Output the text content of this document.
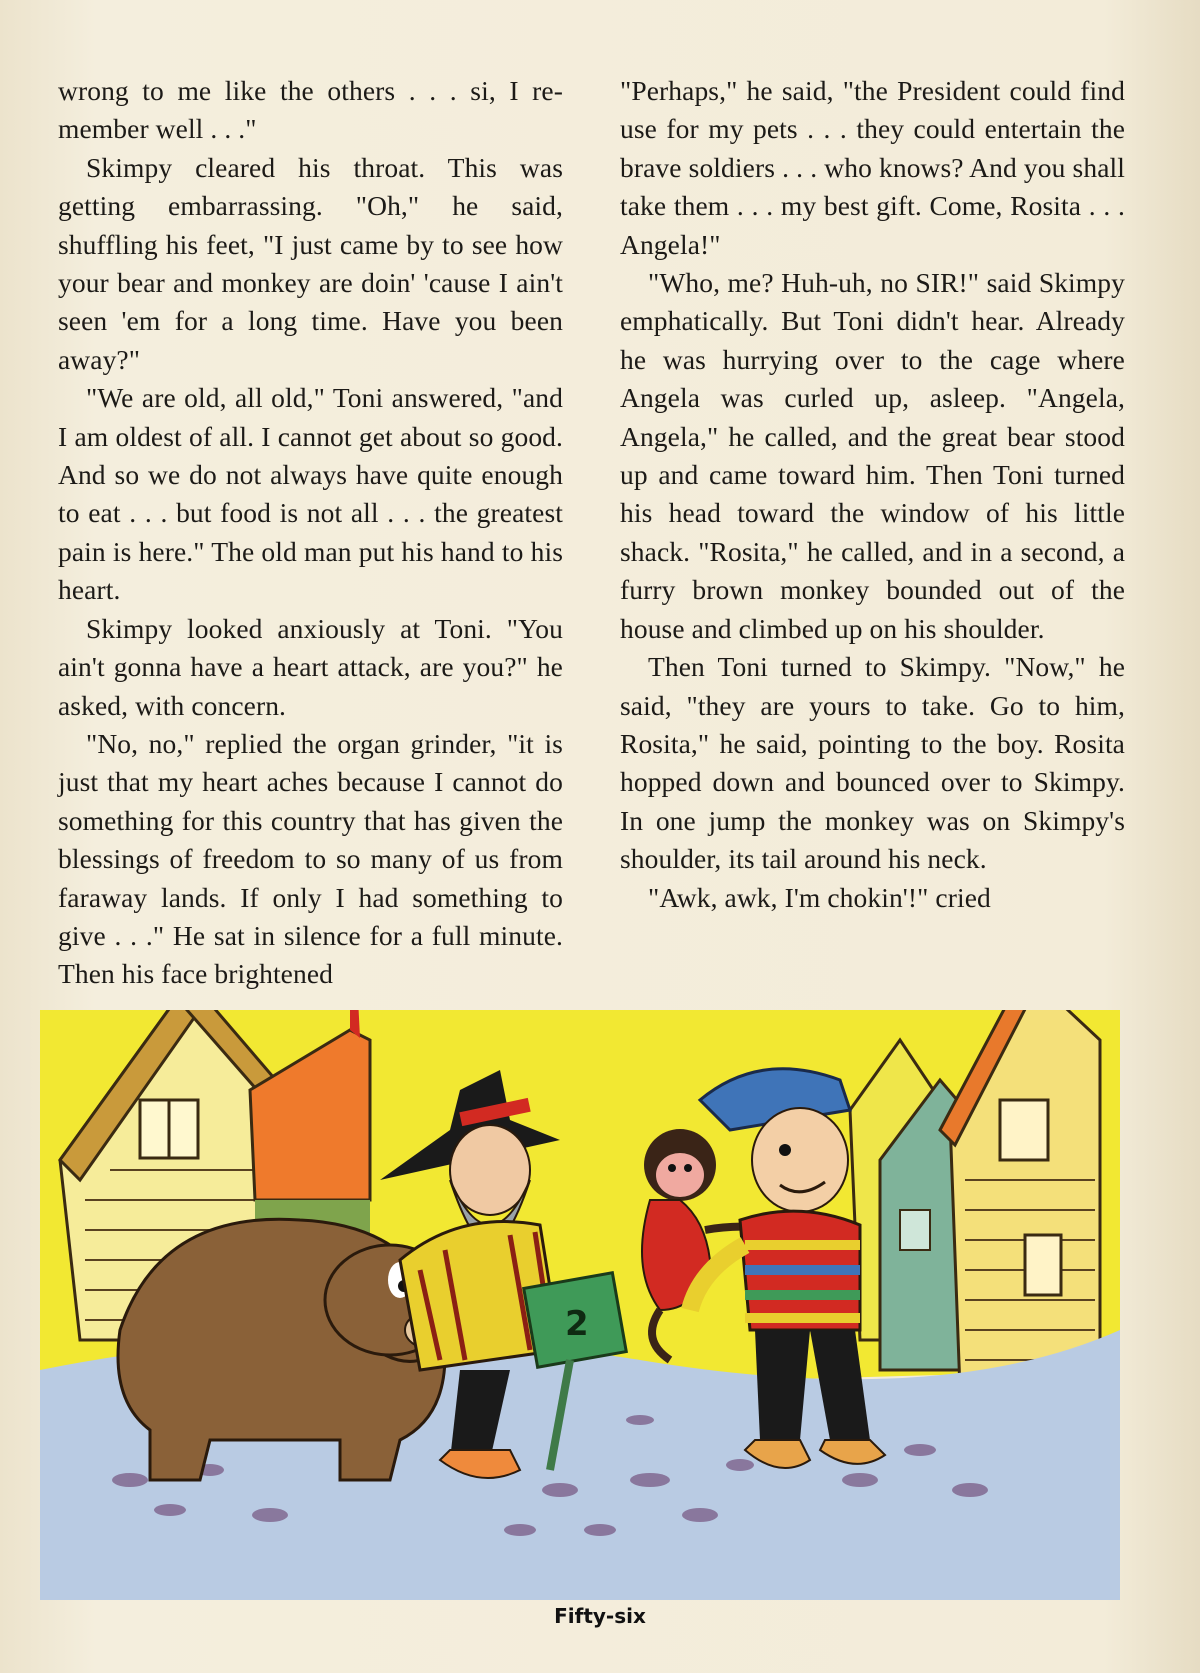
wrong to me like the others . . . si, I re-member well . . ."

Skimpy cleared his throat. This was getting embarrassing. "Oh," he said, shuffling his feet, "I just came by to see how your bear and monkey are doin' 'cause I ain't seen 'em for a long time. Have you been away?"

"We are old, all old," Toni answered, "and I am oldest of all. I cannot get about so good. And so we do not always have quite enough to eat . . . but food is not all . . . the greatest pain is here." The old man put his hand to his heart.

Skimpy looked anxiously at Toni. "You ain't gonna have a heart attack, are you?" he asked, with concern.

"No, no," replied the organ grinder, "it is just that my heart aches because I cannot do something for this country that has given the blessings of freedom to so many of us from faraway lands. If only I had something to give . . ." He sat in silence for a full minute. Then his face brightened

"Perhaps," he said, "the President could find use for my pets . . . they could entertain the brave soldiers . . . who knows? And you shall take them . . . my best gift. Come, Rosita . . . Angela!"

"Who, me? Huh-uh, no SIR!" said Skimpy emphatically. But Toni didn't hear. Already he was hurrying over to the cage where Angela was curled up, asleep. "Angela, Angela," he called, and the great bear stood up and came toward him. Then Toni turned his head toward the window of his little shack. "Rosita," he called, and in a second, a furry brown monkey bounded out of the house and climbed up on his shoulder.

Then Toni turned to Skimpy. "Now," he said, "they are yours to take. Go to him, Rosita," he said, pointing to the boy. Rosita hopped down and bounced over to Skimpy. In one jump the monkey was on Skimpy's shoulder, its tail around his neck.

"Awk, awk, I'm chokin'!" cried

2
Fifty-six
